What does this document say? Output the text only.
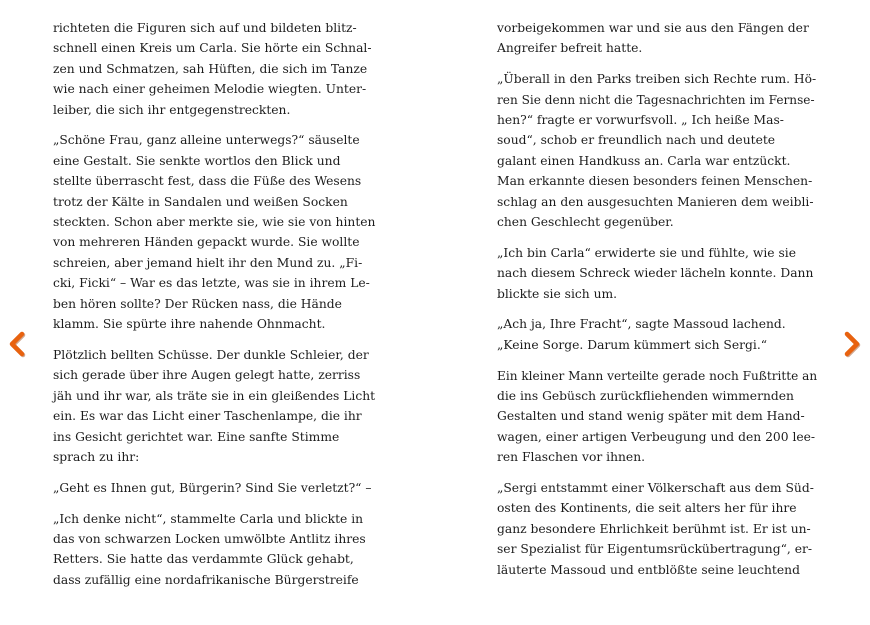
richteten die Figuren sich auf und bildeten blitz-
schnell einen Kreis um Carla. Sie hörte ein Schnal-
zen und Schmatzen, sah Hüften, die sich im Tanze
wie nach einer geheimen Melodie wiegten. Unter-
leiber, die sich ihr entgegenstreckten.

„Schöne Frau, ganz alleine unterwegs?“ säuselte
eine Gestalt. Sie senkte wortlos den Blick und
stellte überrascht fest, dass die Füße des Wesens
trotz der Kälte in Sandalen und weißen Socken
steckten. Schon aber merkte sie, wie sie von hinten
von mehreren Händen gepackt wurde. Sie wollte
schreien, aber jemand hielt ihr den Mund zu. „Fi-
cki, Ficki“ – War es das letzte, was sie in ihrem Le-
ben hören sollte? Der Rücken nass, die Hände
klamm. Sie spürte ihre nahende Ohnmacht.

Plötzlich bellten Schüsse. Der dunkle Schleier, der
sich gerade über ihre Augen gelegt hatte, zerriss
jäh und ihr war, als träte sie in ein gleißendes Licht
ein. Es war das Licht einer Taschenlampe, die ihr
ins Gesicht gerichtet war. Eine sanfte Stimme
sprach zu ihr:

„Geht es Ihnen gut, Bürgerin? Sind Sie verletzt?“ –

„Ich denke nicht“, stammelte Carla und blickte in
das von schwarzen Locken umwölbte Antlitz ihres
Retters. Sie hatte das verdammte Glück gehabt,
dass zufällig eine nordafrikanische Bürgerstreife

vorbeigekommen war und sie aus den Fängen der
Angreifer befreit hatte.

„Überall in den Parks treiben sich Rechte rum. Hö-
ren Sie denn nicht die Tagesnachrichten im Fernse-
hen?“ fragte er vorwurfsvoll. „ Ich heiße Mas-
soud“, schob er freundlich nach und deutete
galant einen Handkuss an. Carla war entzückt.
Man erkannte diesen besonders feinen Menschen-
schlag an den ausgesuchten Manieren dem weibli-
chen Geschlecht gegenüber.

„Ich bin Carla“ erwiderte sie und fühlte, wie sie
nach diesem Schreck wieder lächeln konnte. Dann
blickte sie sich um.

„Ach ja, Ihre Fracht“, sagte Massoud lachend.
„Keine Sorge. Darum kümmert sich Sergi.“

Ein kleiner Mann verteilte gerade noch Fußtritte an
die ins Gebüsch zurückfliehenden wimmernden
Gestalten und stand wenig später mit dem Hand-
wagen, einer artigen Verbeugung und den 200 lee-
ren Flaschen vor ihnen.

„Sergi entstammt einer Völkerschaft aus dem Süd-
osten des Kontinents, die seit alters her für ihre
ganz besondere Ehrlichkeit berühmt ist. Er ist un-
ser Spezialist für Eigentumsrückübertragung“, er-
läuterte Massoud und entblößte seine leuchtend
